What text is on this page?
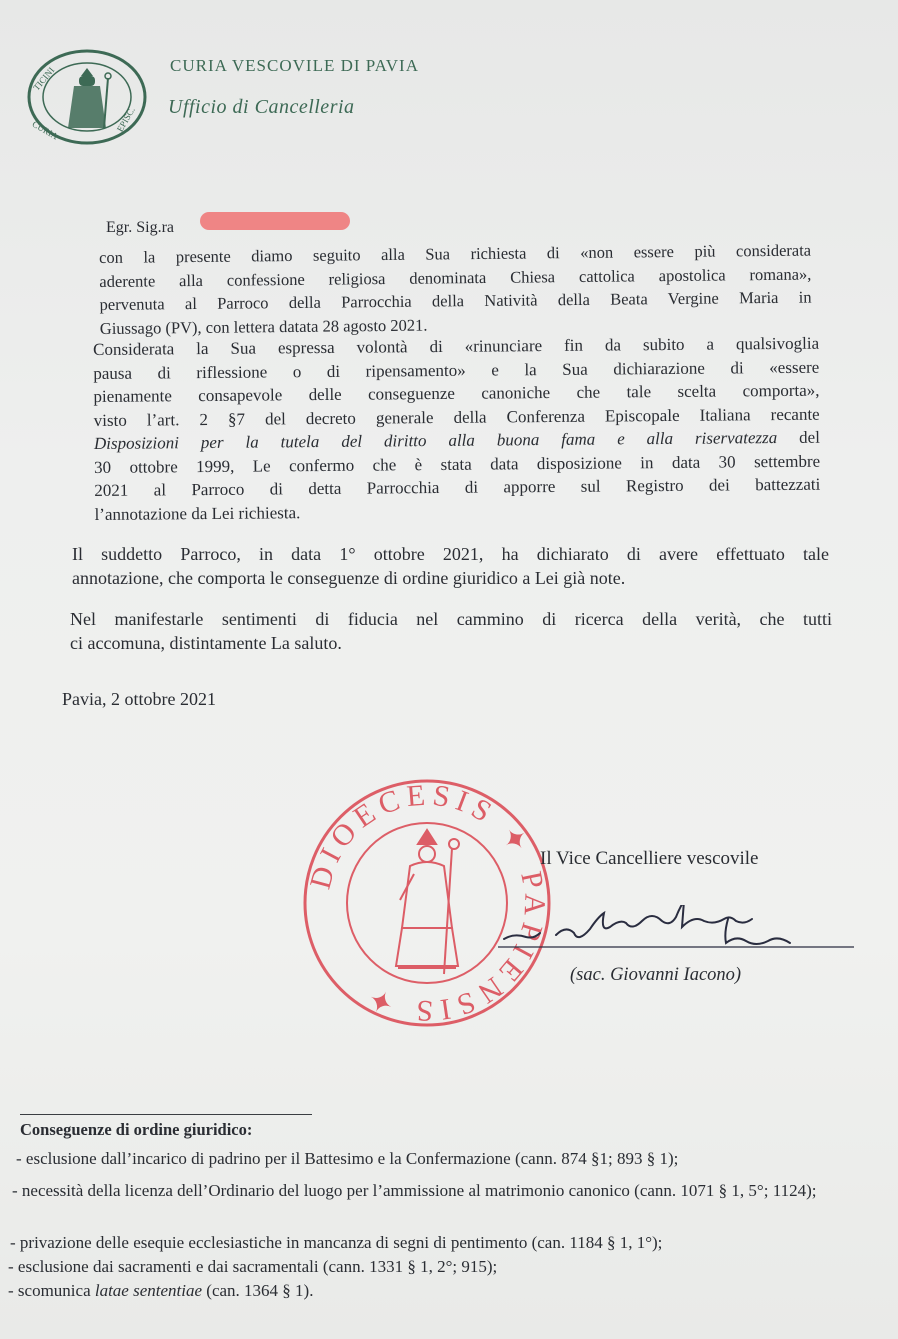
TICINI
CURIA	EPISC.
CURIA VESCOVILE DI PAVIA
Ufficio di Cancelleria
Egr. Sig.ra
con la presente diamo seguito alla Sua richiesta di «non essere più considerata
aderente alla confessione religiosa denominata Chiesa cattolica apostolica romana»,
pervenuta al Parroco della Parrocchia della Natività della Beata Vergine Maria in
Giussago (PV), con lettera datata 28 agosto 2021.
Considerata la Sua espressa volontà di «rinunciare fin da subito a qualsivoglia
pausa di riflessione o di ripensamento» e la Sua dichiarazione di «essere
pienamente consapevole delle conseguenze canoniche che tale scelta comporta»,
visto l’art. 2 §7 del decreto generale della Conferenza Episcopale Italiana recante
Disposizioni per la tutela del diritto alla buona fama e alla riservatezza del
30 ottobre 1999, Le confermo che è stata data disposizione in data 30 settembre
2021 al Parroco di detta Parrocchia di apporre sul Registro dei battezzati
l’annotazione da Lei richiesta.
Il suddetto Parroco, in data 1° ottobre 2021, ha dichiarato di avere effettuato tale
annotazione, che comporta le conseguenze di ordine giuridico a Lei già note.
Nel manifestarle sentimenti di fiducia nel cammino di ricerca della verità, che tutti
ci accomuna, distintamente La saluto.
Pavia, 2 ottobre 2021
DIOECESIS ✦ PAPIENSIS ✦
Il Vice Cancelliere vescovile
(sac. Giovanni Iacono)
Conseguenze di ordine giuridico:
- esclusione dall’incarico di padrino per il Battesimo e la Confermazione (cann. 874 §1; 893 § 1);
- necessità della licenza dell’Ordinario del luogo per l’ammissione al matrimonio canonico (cann. 1071 § 1, 5°; 1124);
- privazione delle esequie ecclesiastiche in mancanza di segni di pentimento (can. 1184 § 1, 1°);
- esclusione dai sacramenti e dai sacramentali (cann. 1331 § 1, 2°; 915);
- scomunica latae sententiae (can. 1364 § 1).
